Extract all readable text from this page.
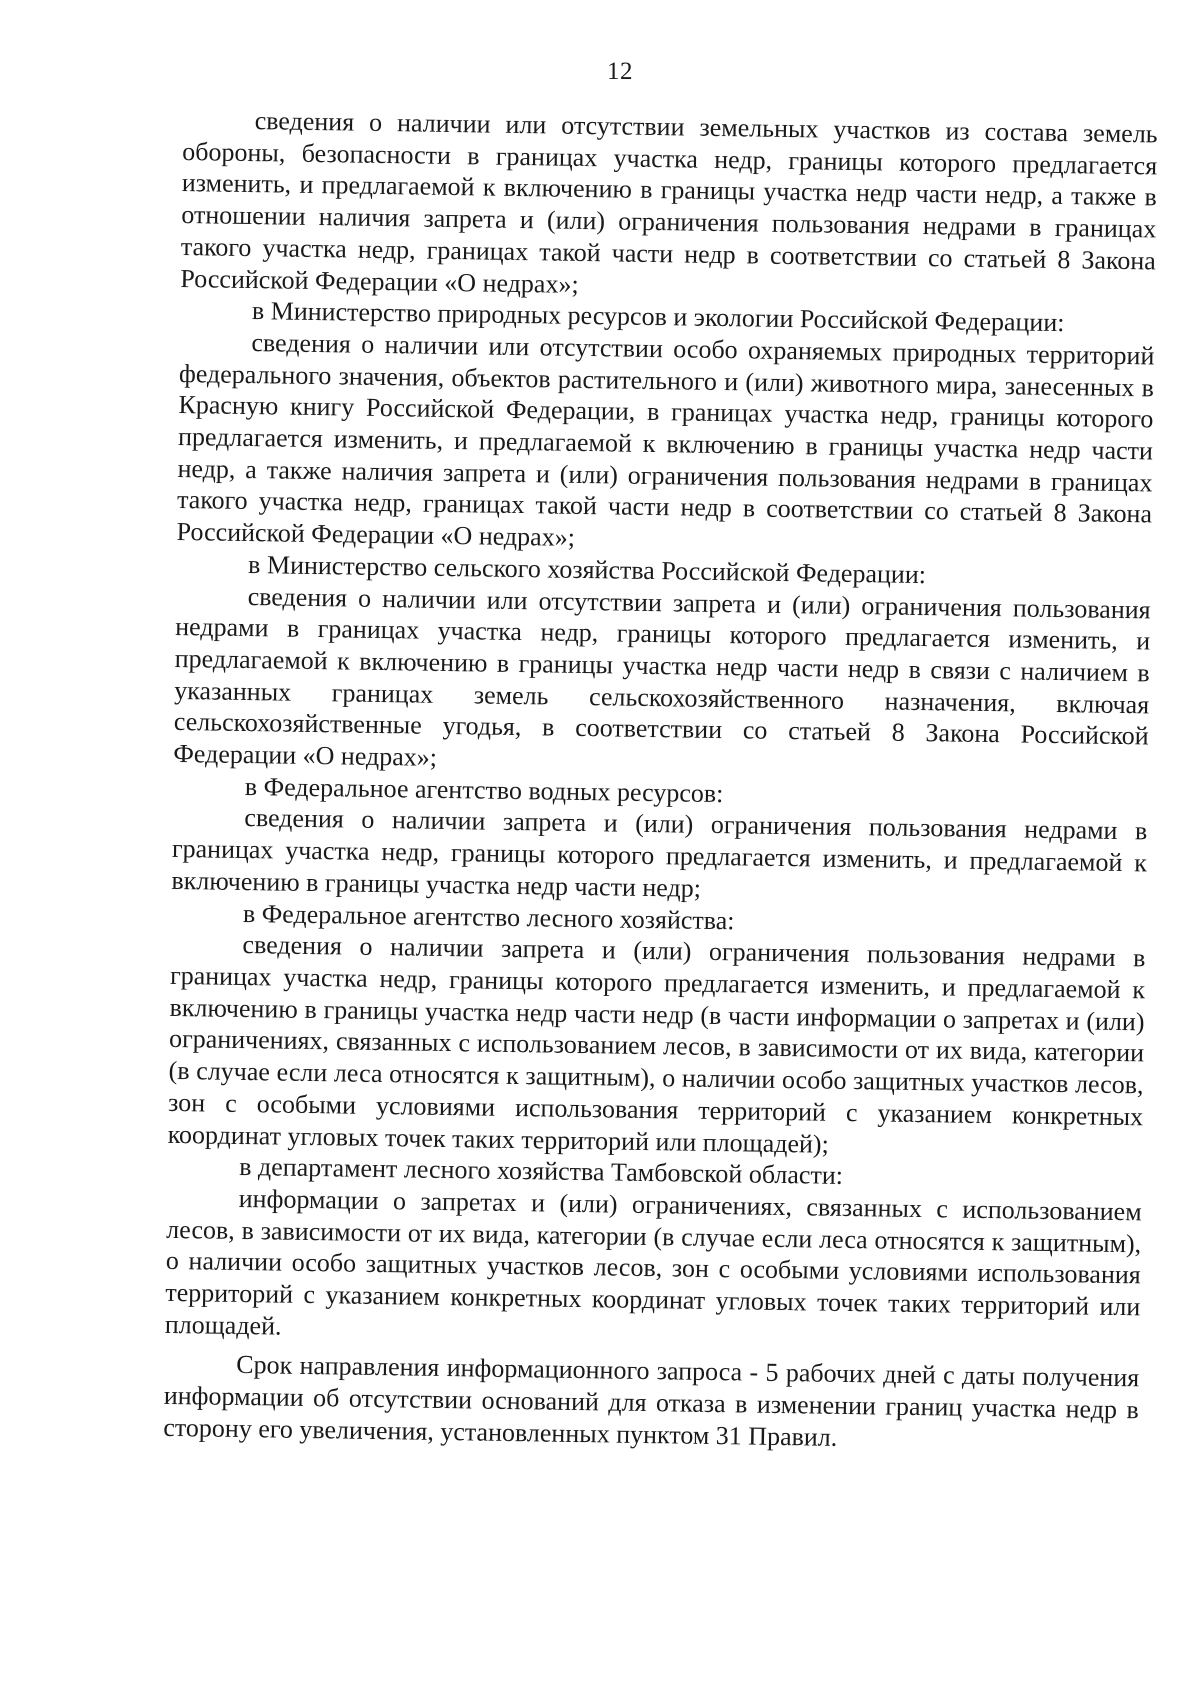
12

сведения о наличии или отсутствии земельных участков из состава земель обороны, безопасности в границах участка недр, границы которого предлагается изменить, и предлагаемой к включению в границы участка недр части недр, а также в отношении наличия запрета и (или) ограничения пользования недрами в границах такого участка недр, границах такой части недр в соответствии со статьей 8 Закона Российской Федерации «О недрах»;

в Министерство природных ресурсов и экологии Российской Федерации:

сведения о наличии или отсутствии особо охраняемых природных территорий федерального значения, объектов растительного и (или) животного мира, занесенных в Красную книгу Российской Федерации, в границах участка недр, границы которого предлагается изменить, и предлагаемой к включению в границы участка недр части недр, а также наличия запрета и (или) ограничения пользования недрами в границах такого участка недр, границах такой части недр в соответствии со статьей 8 Закона Российской Федерации «О недрах»;

в Министерство сельского хозяйства Российской Федерации:

сведения о наличии или отсутствии запрета и (или) ограничения пользования недрами в границах участка недр, границы которого предлагается изменить, и предлагаемой к включению в границы участка недр части недр в связи с наличием в указанных границах земель сельскохозяйственного назначения, включая сельскохозяйственные угодья, в соответствии со статьей 8 Закона Российской Федерации «О недрах»;

в Федеральное агентство водных ресурсов:

сведения о наличии запрета и (или) ограничения пользования недрами в границах участка недр, границы которого предлагается изменить, и предлагаемой к включению в границы участка недр части недр;

в Федеральное агентство лесного хозяйства:

сведения о наличии запрета и (или) ограничения пользования недрами в границах участка недр, границы которого предлагается изменить, и предлагаемой к включению в границы участка недр части недр (в части информации о запретах и (или) ограничениях, связанных с использованием лесов, в зависимости от их вида, категории (в случае если леса относятся к защитным), о наличии особо защитных участков лесов, зон с особыми условиями использования территорий с указанием конкретных координат угловых точек таких территорий или площадей);

в департамент лесного хозяйства Тамбовской области:

информации о запретах и (или) ограничениях, связанных с использованием лесов, в зависимости от их вида, категории (в случае если леса относятся к защитным), о наличии особо защитных участков лесов, зон с особыми условиями использования территорий с указанием конкретных координат угловых точек таких территорий или площадей.

Срок направления информационного запроса - 5 рабочих дней с даты получения информации об отсутствии оснований для отказа в изменении границ участка недр в сторону его увеличения, установленных пунктом 31 Правил.
